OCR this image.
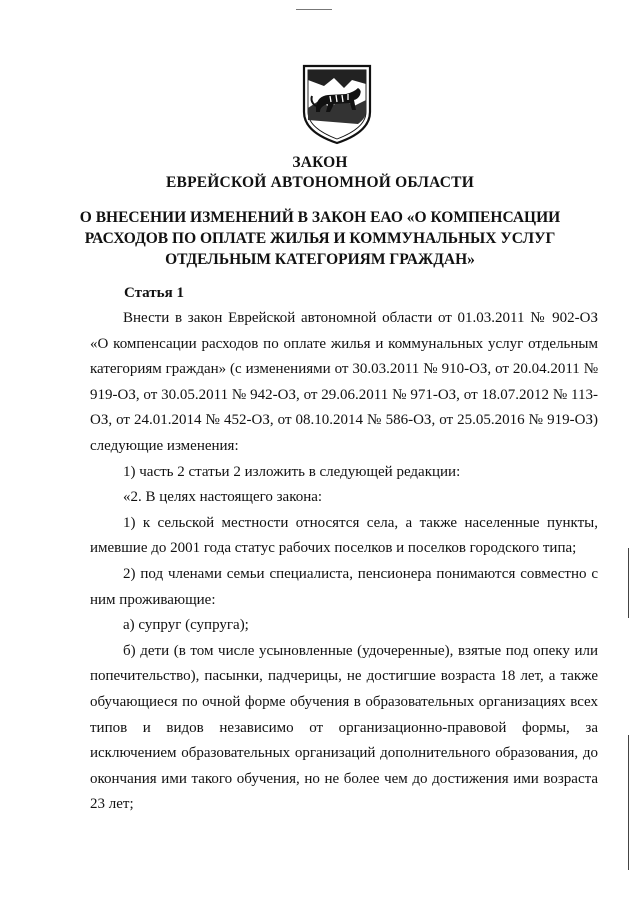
ЗАКОН
ЕВРЕЙСКОЙ АВТОНОМНОЙ ОБЛАСТИ
О ВНЕСЕНИИ ИЗМЕНЕНИЙ В ЗАКОН ЕАО «О КОМПЕНСАЦИИ
РАСХОДОВ ПО ОПЛАТЕ ЖИЛЬЯ И КОММУНАЛЬНЫХ УСЛУГ
ОТДЕЛЬНЫМ КАТЕГОРИЯМ ГРАЖДАН»
Статья 1

Внести в закон Еврейской автономной области от 01.03.2011 № 902-ОЗ «О компенсации расходов по оплате жилья и коммунальных услуг отдельным категориям граждан» (с изменениями от 30.03.2011 № 910-ОЗ, от 20.04.2011 № 919-ОЗ, от 30.05.2011 № 942-ОЗ, от 29.06.2011 № 971-ОЗ, от 18.07.2012 № 113-ОЗ, от 24.01.2014 № 452-ОЗ, от 08.10.2014 № 586-ОЗ, от 25.05.2016 № 919-ОЗ) следующие изменения:

1) часть 2 статьи 2 изложить в следующей редакции:

«2. В целях настоящего закона:

1) к сельской местности относятся села, а также населенные пункты, имевшие до 2001 года статус рабочих поселков и поселков городского типа;

2) под членами семьи специалиста, пенсионера понимаются совместно с ним проживающие:

а) супруг (супруга);

б) дети (в том числе усыновленные (удочеренные), взятые под опеку или попечительство), пасынки, падчерицы, не достигшие возраста 18 лет, а также обучающиеся по очной форме обучения в образовательных организациях всех типов и видов независимо от организационно-правовой формы, за исключением образовательных организаций дополнительного образования, до окончания ими такого обучения, но не более чем до достижения ими возраста 23 лет;
